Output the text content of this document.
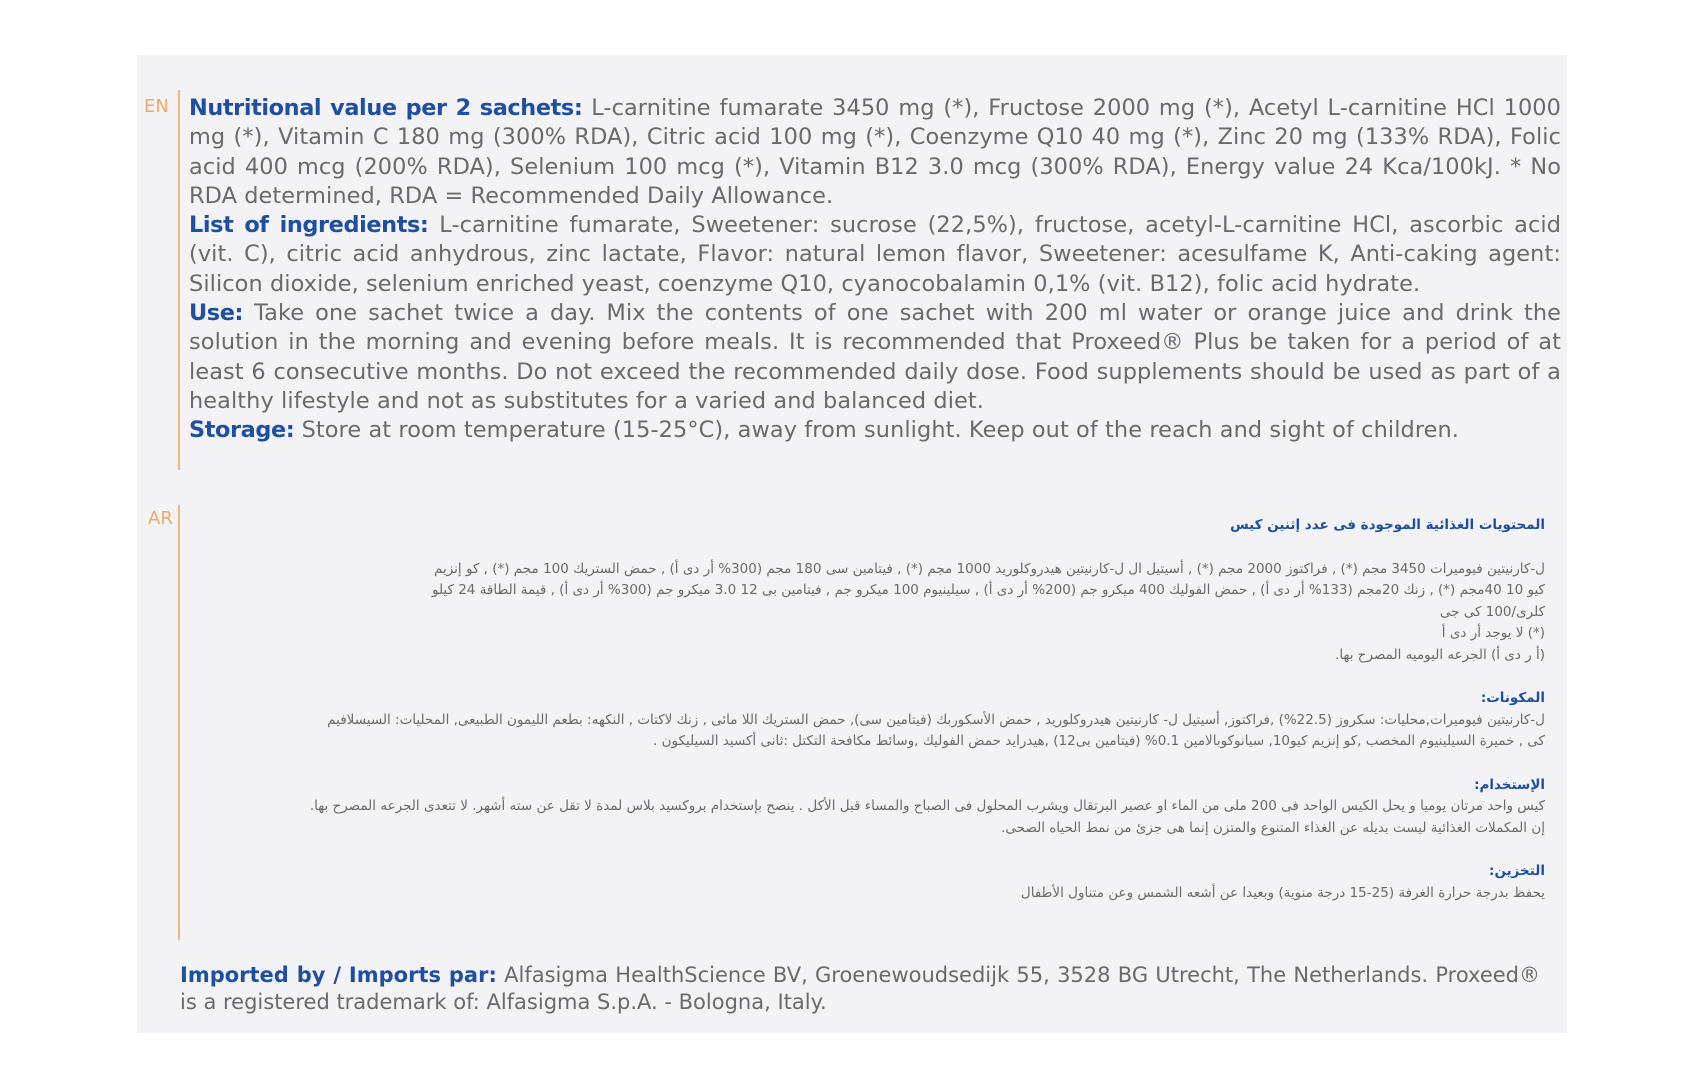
EN Nutritional value per 2 sachets: L-carnitine fumarate 3450 mg (*), Fructose 2000 mg (*), Acetyl L-carnitine HCl 1000 mg (*), Vitamin C 180 mg (300% RDA), Citric acid 100 mg (*), Coenzyme Q10 40 mg (*), Zinc 20 mg (133% RDA), Folic acid 400 mcg (200% RDA), Selenium 100 mcg (*), Vitamin B12 3.0 mcg (300% RDA), Energy value 24 Kca/100kJ. * No RDA determined, RDA = Recommended Daily Allowance.

List of ingredients: L-carnitine fumarate, Sweetener: sucrose (22,5%), fructose, acetyl-L-carnitine HCl, ascorbic acid (vit. C), citric acid anhydrous, zinc lactate, Flavor: natural lemon flavor, Sweetener: acesulfame K, Anti-caking agent: Silicon dioxide, selenium enriched yeast, coenzyme Q10, cyanocobalamin 0,1% (vit. B12), folic acid hydrate.

Use: Take one sachet twice a day. Mix the contents of one sachet with 200 ml water or orange juice and drink the solution in the morning and evening before meals. It is recommended that Proxeed® Plus be taken for a period of at least 6 consecutive months. Do not exceed the recommended daily dose. Food supplements should be used as part of a healthy lifestyle and not as substitutes for a varied and balanced diet.

Storage: Store at room temperature (15-25°C), away from sunlight. Keep out of the reach and sight of children.

AR	المحتويات الغذائية الموجودة فى عدد إثنين كيس

ل-كارنيتين فيوميرات 3450 مجم (*) , فراكتوز 2000 مجم (*) , أسيتيل ال ل-كارنيتين هيدروكلوريد 1000 مجم (*) , فيتامين سى 180 مجم (300% أر دى أ) , حمض الستريك 100 مجم (*) , كو إنزيم

كيو 10 40مجم (*) , زنك 20مجم (133% أر دى أ) , حمض الفوليك 400 ميكرو جم (200% أر دى أ) , سيلينيوم 100 ميكرو جم , فيتامين بى 12 3.0 ميكرو جم (300% أر دى أ) , قيمة الطاقة 24 كيلو

كلرى/100 كى جى

(*) لا يوجد أر دى أ

(أ ر دى أ) الجرعه اليوميه المصرح بها.

المكونات:

ل-كارنيتين فيوميرات,محليات: سكروز (22.5%) ,فراكتوز, أسيتيل ل- كارنيتين هيدروكلوريد , حمض الأسكوربك (فيتامين سى), حمض الستريك اللا مائى , زنك لاكتات , النكهه: بطعم الليمون الطبيعى, المحليات: السيسلافيم

كى , خميرة السيلينيوم المخصب ,كو إنزيم كيو10, سيانوكوبالامين 0.1% (فيتامين بى12) ,هيدرايد حمض الفوليك ,وسائط مكافحة التكتل :ثانى أكسيد السيليكون .

الإستخدام:

كيس واحد مرتان يوميا و يحل الكيس الواحد فى 200 ملى من الماء او عصير البرتقال ويشرب المحلول فى الصباح والمساء قبل الأكل . ينصح بإستخدام بروكسيد بلاس لمدة لا تقل عن سته أشهر. لا تتعدى الجرعه المصرح بها.

إن المكملات الغذائية ليست بديله عن الغذاء المتنوع والمتزن إنما هى جزئ من نمط الحياه الصحى.

التخزين:

يحفظ بدرجة حرارة الغرفة (25-15 درجة منوية) وبعيدا عن أشعه الشمس وعن متناول الأطفال

Imported by / Imports par: Alfasigma HealthScience BV, Groenewoudsedijk 55, 3528 BG Utrecht, The Netherlands. Proxeed® is a registered trademark of: Alfasigma S.p.A. - Bologna, Italy.
